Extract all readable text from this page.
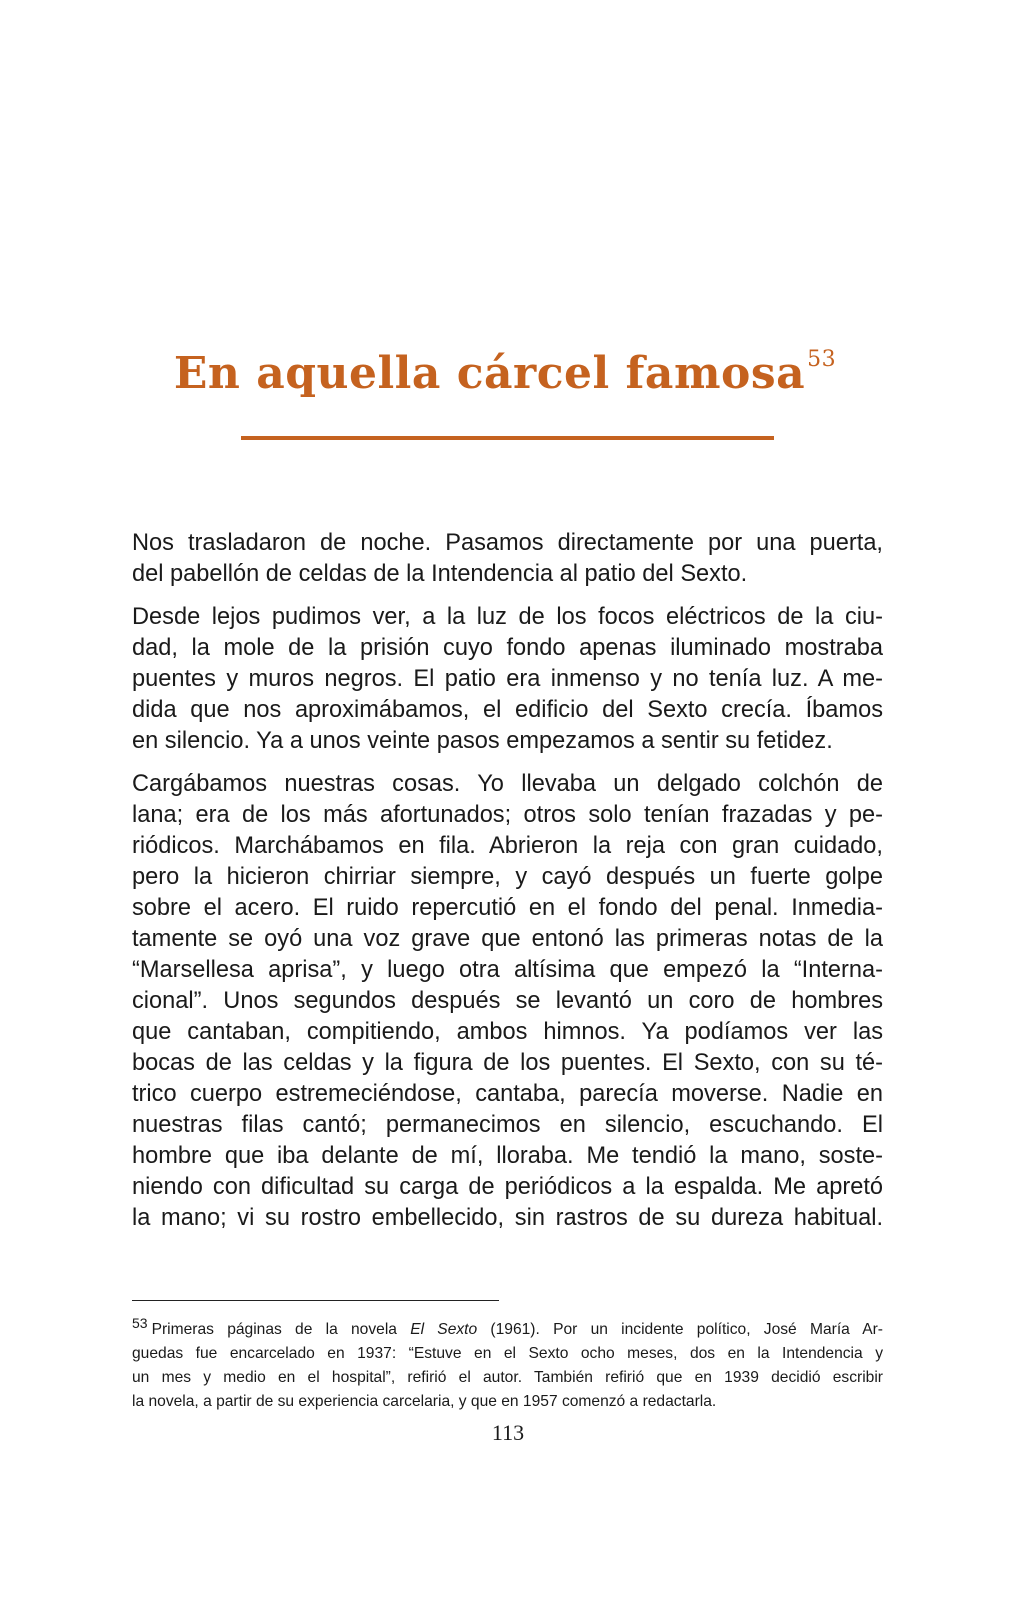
En aquella cárcel famosa$^{53}$

Nos trasladaron de noche. Pasamos directamente por una puerta,
del pabellón de celdas de la Intendencia al patio del Sexto.

Desde lejos pudimos ver, a la luz de los focos eléctricos de la ciu-
dad, la mole de la prisión cuyo fondo apenas iluminado mostraba
puentes y muros negros. El patio era inmenso y no tenía luz. A me-
dida que nos aproximábamos, el edificio del Sexto crecía. Íbamos
en silencio. Ya a unos veinte pasos empezamos a sentir su fetidez.

Cargábamos nuestras cosas. Yo llevaba un delgado colchón de
lana; era de los más afortunados; otros solo tenían frazadas y pe-
riódicos. Marchábamos en fila. Abrieron la reja con gran cuidado,
pero la hicieron chirriar siempre, y cayó después un fuerte golpe
sobre el acero. El ruido repercutió en el fondo del penal. Inmedia-
tamente se oyó una voz grave que entonó las primeras notas de la
“Marsellesa aprisa”, y luego otra altísima que empezó la “Interna-
cional”. Unos segundos después se levantó un coro de hombres
que cantaban, compitiendo, ambos himnos. Ya podíamos ver las
bocas de las celdas y la figura de los puentes. El Sexto, con su té-
trico cuerpo estremeciéndose, cantaba, parecía moverse. Nadie en
nuestras filas cantó; permanecimos en silencio, escuchando. El
hombre que iba delante de mí, lloraba. Me tendió la mano, soste-
niendo con dificultad su carga de periódicos a la espalda. Me apretó
la mano; vi su rostro embellecido, sin rastros de su dureza habitual.

$^{53}$ Primeras páginas de la novela El Sexto (1961). Por un incidente político, José María Ar-
guedas fue encarcelado en 1937: “Estuve en el Sexto ocho meses, dos en la Intendencia y
un mes y medio en el hospital”, refirió el autor. También refirió que en 1939 decidió escribir
la novela, a partir de su experiencia carcelaria, y que en 1957 comenzó a redactarla.
113
